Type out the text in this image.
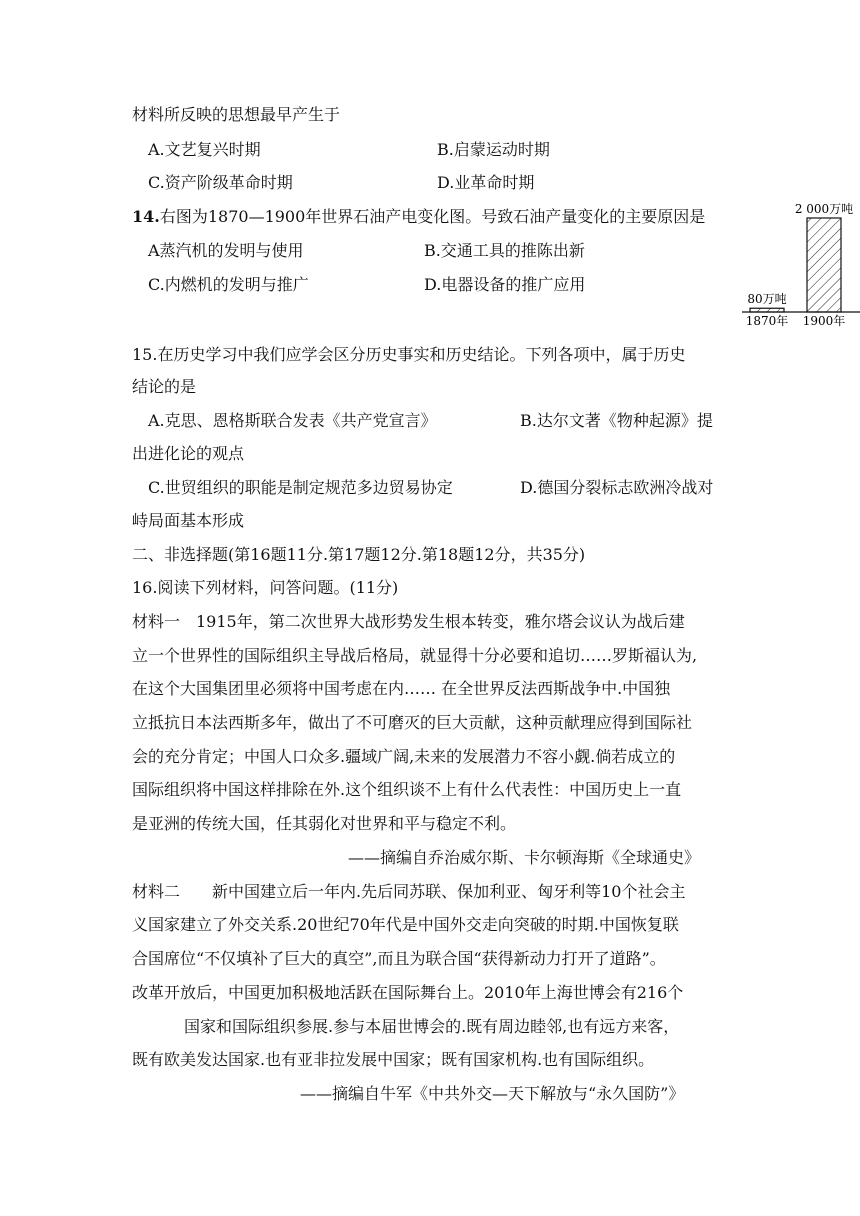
材料所反映的思想最早产生于
A.文艺复兴时期	B.启蒙运动时期
C.资产阶级革命时期	D.业革命时期
14.右图为1870—1900年世界石油产电变化图。号致石油产量变化的主要原因是
A蒸汽机的发明与使用	B.交通工具的推陈出新
C.内燃机的发明与推广	D.电器设备的推广应用
80万吨
1870年
2 000万吨
1900年
15.在历史学习中我们应学会区分历史事实和历史结论。下列各项中，属于历史
结论的是
A.克思、恩格斯联合发表《共产党宣言》	B.达尔文著《物种起源》提
出进化论的观点
C.世贸组织的职能是制定规范多边贸易协定	D.德国分裂标志欧洲冷战对
峙局面基本形成
二、非选择题(第16题11分.第17题12分.第18题12分，共35分)
16.阅读下列材料，问答问题。(11分)
材料一　1915年，第二次世界大战形势发生根本转变，雅尔塔会议认为战后建
立一个世界性的国际组织主导战后格局，就显得十分必要和追切……罗斯福认为,
在这个大国集团里必须将中国考虑在内…… 在全世界反法西斯战争中.中国独
立抵抗日本法西斯多年，做出了不可磨灭的巨大贡献，这种贡献理应得到国际社
会的充分肯定；中国人口众多.疆域广阔,未来的发展潜力不容小觑.倘若成立的
国际组织将中国这样排除在外.这个组织谈不上有什么代表性：中国历史上一直
是亚洲的传统大国，任其弱化对世界和平与稳定不利。
——摘编自乔治威尔斯、卡尔顿海斯《全球通史》
材料二　　新中国建立后一年内.先后同苏联、保加利亚、匈牙利等10个社会主
义国家建立了外交关系.20世纪70年代是中国外交走向突破的时期.中国恢复联
合国席位“不仅填补了巨大的真空”,而且为联合国“获得新动力打开了道路”。
改革开放后，中国更加积极地活跃在国际舞台上。2010年上海世博会有216个
国家和国际组织参展.参与本届世博会的.既有周边睦邻,也有远方来客，
既有欧美发达国家.也有亚非拉发展中国家；既有国家机构.也有国际组织。
——摘编自牛军《中共外交—天下解放与“永久国防”》
